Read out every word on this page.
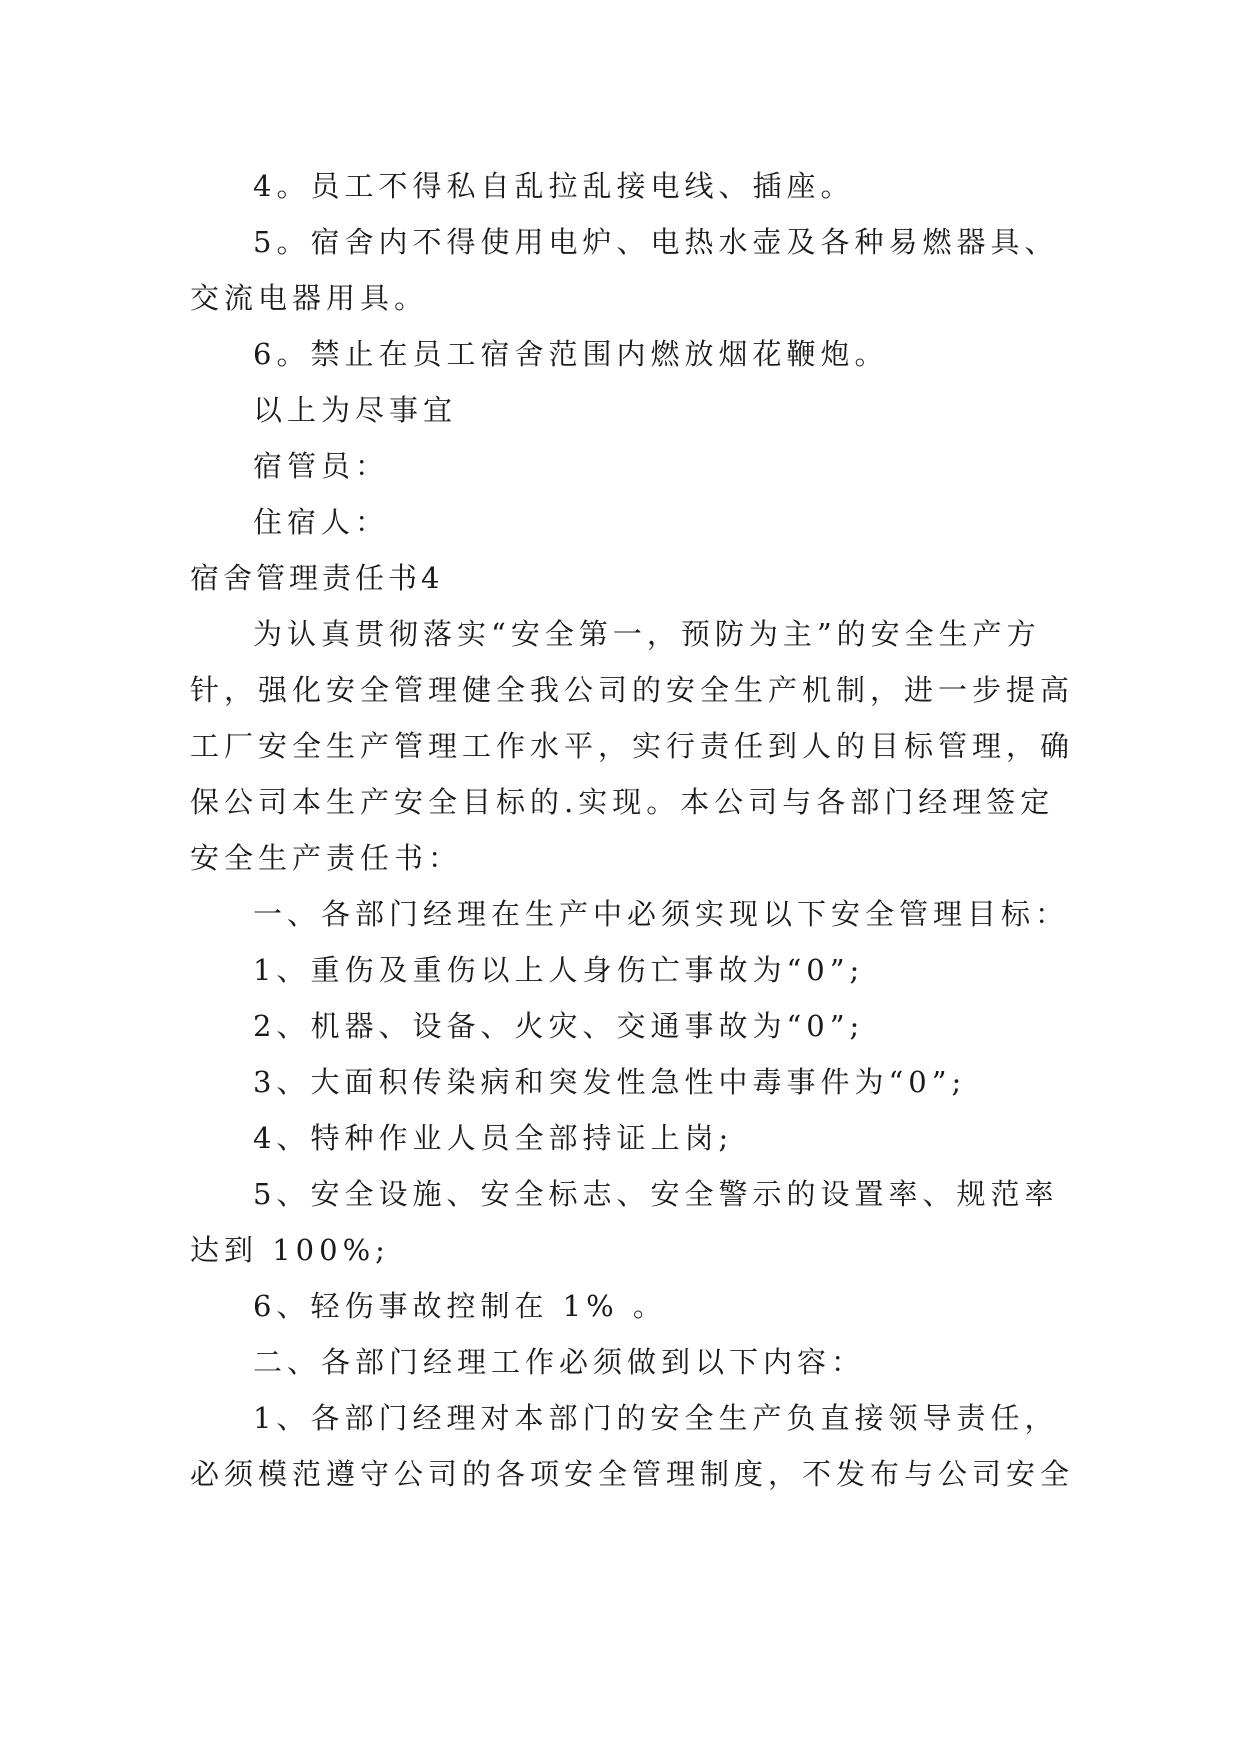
4。员工不得私自乱拉乱接电线、插座。
5。宿舍内不得使用电炉、电热水壶及各种易燃器具、
交流电器用具。
6。禁止在员工宿舍范围内燃放烟花鞭炮。
以上为尽事宜
宿管员：
住宿人：
宿舍管理责任书4
为认真贯彻落实“安全第一，预防为主”的安全生产方
针，强化安全管理健全我公司的安全生产机制，进一步提高
工厂安全生产管理工作水平，实行责任到人的目标管理，确
保公司本生产安全目标的.实现。本公司与各部门经理签定
安全生产责任书：
一、各部门经理在生产中必须实现以下安全管理目标：
1、重伤及重伤以上人身伤亡事故为“0”;
2、机器、设备、火灾、交通事故为“0”;
3、大面积传染病和突发性急性中毒事件为“0”;
4、特种作业人员全部持证上岗;
5、安全设施、安全标志、安全警示的设置率、规范率
达到 100%;
6、轻伤事故控制在 1% 。
二、各部门经理工作必须做到以下内容：
1、各部门经理对本部门的安全生产负直接领导责任，
必须模范遵守公司的各项安全管理制度，不发布与公司安全
